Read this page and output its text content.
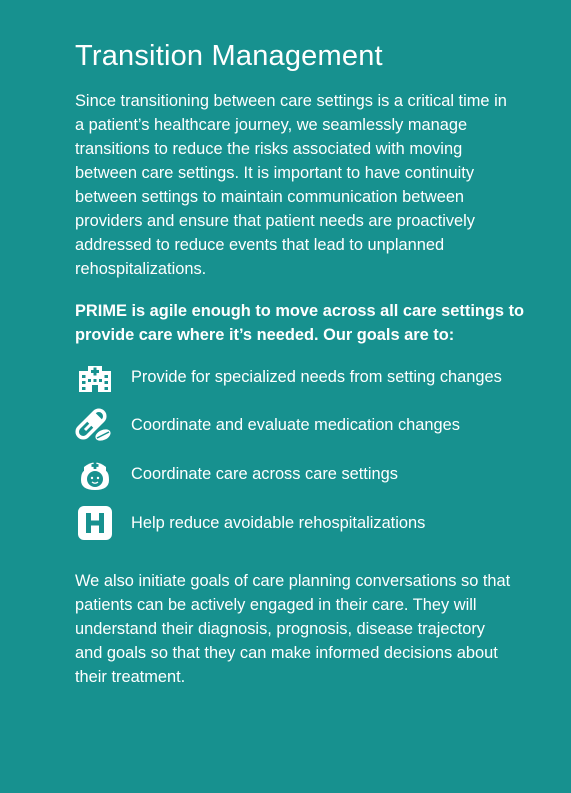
Transition Management

Since transitioning between care settings is a critical time in a patient’s healthcare journey, we seamlessly manage transitions to reduce the risks associated with moving between care settings. It is important to have continuity between settings to maintain communication between providers and ensure that patient needs are proactively addressed to reduce events that lead to unplanned rehospitalizations.

PRIME is agile enough to move across all care settings to provide care where it’s needed. Our goals are to:

Provide for specialized needs from setting changes
Coordinate and evaluate medication changes
Coordinate care across care settings
Help reduce avoidable rehospitalizations

We also initiate goals of care planning conversations so that patients can be actively engaged in their care. They will understand their diagnosis, prognosis, disease trajectory and goals so that they can make informed decisions about their treatment.
